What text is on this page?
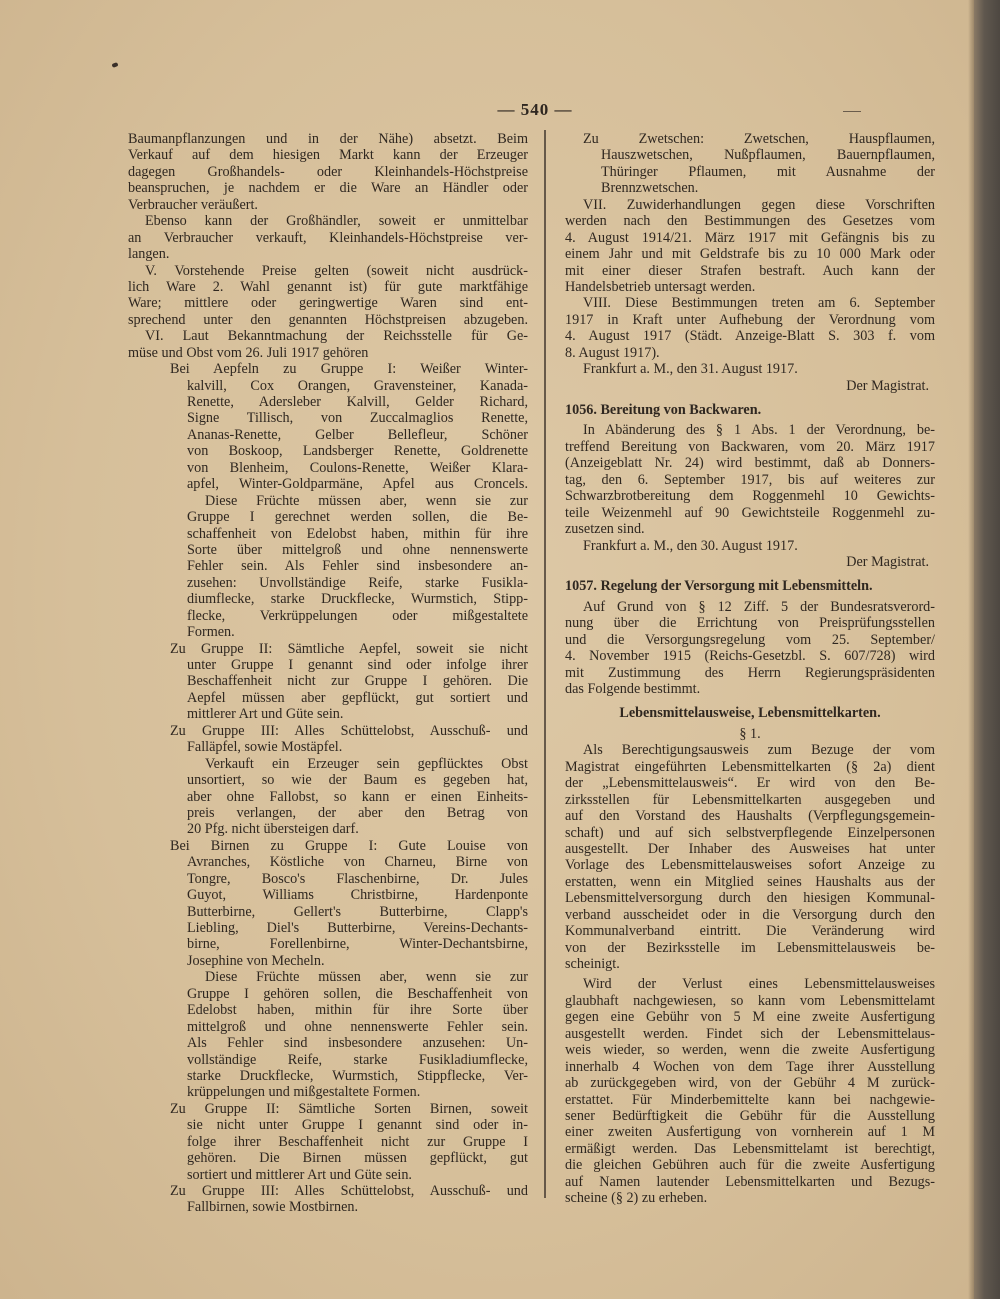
— 540 —
Baumanpflanzungen und in der Nähe) absetzt. Beim
Verkauf auf dem hiesigen Markt kann der Erzeuger
dagegen Großhandels- oder Kleinhandels-Höchstpreise
beanspruchen, je nachdem er die Ware an Händler oder
Verbraucher veräußert.
Ebenso kann der Großhändler, soweit er unmittelbar
an Verbraucher verkauft, Kleinhandels-Höchstpreise ver-
langen.
V. Vorstehende Preise gelten (soweit nicht ausdrück-
lich Ware 2. Wahl genannt ist) für gute marktfähige
Ware; mittlere oder geringwertige Waren sind ent-
sprechend unter den genannten Höchstpreisen abzugeben.
VI. Laut Bekanntmachung der Reichsstelle für Ge-
müse und Obst vom 26. Juli 1917 gehören
Bei Aepfeln zu Gruppe I: Weißer Winter-
kalvill, Cox Orangen, Gravensteiner, Kanada-
Renette, Adersleber Kalvill, Gelder Richard,
Signe Tillisch, von Zuccalmaglios Renette,
Ananas-Renette, Gelber Bellefleur, Schöner
von Boskoop, Landsberger Renette, Goldrenette
von Blenheim, Coulons-Renette, Weißer Klara-
apfel, Winter-Goldparmäne, Apfel aus Croncels.
Diese Früchte müssen aber, wenn sie zur
Gruppe I gerechnet werden sollen, die Be-
schaffenheit von Edelobst haben, mithin für ihre
Sorte über mittelgroß und ohne nennenswerte
Fehler sein. Als Fehler sind insbesondere an-
zusehen: Unvollständige Reife, starke Fusikla-
diumflecke, starke Druckflecke, Wurmstich, Stipp-
flecke, Verkrüppelungen oder mißgestaltete
Formen.
Zu Gruppe II: Sämtliche Aepfel, soweit sie nicht
unter Gruppe I genannt sind oder infolge ihrer
Beschaffenheit nicht zur Gruppe I gehören. Die
Aepfel müssen aber gepflückt, gut sortiert und
mittlerer Art und Güte sein.
Zu Gruppe III: Alles Schüttelobst, Ausschuß- und
Falläpfel, sowie Mostäpfel.
Verkauft ein Erzeuger sein gepflücktes Obst
unsortiert, so wie der Baum es gegeben hat,
aber ohne Fallobst, so kann er einen Einheits-
preis verlangen, der aber den Betrag von
20 Pfg. nicht übersteigen darf.
Bei Birnen zu Gruppe I: Gute Louise von
Avranches, Köstliche von Charneu, Birne von
Tongre, Bosco's Flaschenbirne, Dr. Jules
Guyot, Williams Christbirne, Hardenponte
Butterbirne, Gellert's Butterbirne, Clapp's
Liebling, Diel's Butterbirne, Vereins-Dechants-
birne, Forellenbirne, Winter-Dechantsbirne,
Josephine von Mecheln.
Diese Früchte müssen aber, wenn sie zur
Gruppe I gehören sollen, die Beschaffenheit von
Edelobst haben, mithin für ihre Sorte über
mittelgroß und ohne nennenswerte Fehler sein.
Als Fehler sind insbesondere anzusehen: Un-
vollständige Reife, starke Fusikladiumflecke,
starke Druckflecke, Wurmstich, Stippflecke, Ver-
krüppelungen und mißgestaltete Formen.
Zu Gruppe II: Sämtliche Sorten Birnen, soweit
sie nicht unter Gruppe I genannt sind oder in-
folge ihrer Beschaffenheit nicht zur Gruppe I
gehören. Die Birnen müssen gepflückt, gut
sortiert und mittlerer Art und Güte sein.
Zu Gruppe III: Alles Schüttelobst, Ausschuß- und
Fallbirnen, sowie Mostbirnen.
Zu Zwetschen: Zwetschen, Hauspflaumen,
Hauszwetschen, Nußpflaumen, Bauernpflaumen,
Thüringer Pflaumen, mit Ausnahme der
Brennzwetschen.
VII. Zuwiderhandlungen gegen diese Vorschriften
werden nach den Bestimmungen des Gesetzes vom
4. August 1914/21. März 1917 mit Gefängnis bis zu
einem Jahr und mit Geldstrafe bis zu 10 000 Mark oder
mit einer dieser Strafen bestraft. Auch kann der
Handelsbetrieb untersagt werden.
VIII. Diese Bestimmungen treten am 6. September
1917 in Kraft unter Aufhebung der Verordnung vom
4. August 1917 (Städt. Anzeige-Blatt S. 303 f. vom
8. August 1917).
Frankfurt a. M., den 31. August 1917.
Der Magistrat.
1056. Bereitung von Backwaren.
In Abänderung des § 1 Abs. 1 der Verordnung, be-
treffend Bereitung von Backwaren, vom 20. März 1917
(Anzeigeblatt Nr. 24) wird bestimmt, daß ab Donners-
tag, den 6. September 1917, bis auf weiteres zur
Schwarzbrotbereitung dem Roggenmehl 10 Gewichts-
teile Weizenmehl auf 90 Gewichtsteile Roggenmehl zu-
zusetzen sind.
Frankfurt a. M., den 30. August 1917.
Der Magistrat.
1057. Regelung der Versorgung mit Lebensmitteln.
Auf Grund von § 12 Ziff. 5 der Bundesratsverord-
nung über die Errichtung von Preisprüfungsstellen
und die Versorgungsregelung vom 25. September/
4. November 1915 (Reichs-Gesetzbl. S. 607/728) wird
mit Zustimmung des Herrn Regierungspräsidenten
das Folgende bestimmt.
Lebensmittelausweise, Lebensmittelkarten.
§ 1.
Als Berechtigungsausweis zum Bezuge der vom
Magistrat eingeführten Lebensmittelkarten (§ 2a) dient
der „Lebensmittelausweis“. Er wird von den Be-
zirksstellen für Lebensmittelkarten ausgegeben und
auf den Vorstand des Haushalts (Verpflegungsgemein-
schaft) und auf sich selbstverpflegende Einzelpersonen
ausgestellt. Der Inhaber des Ausweises hat unter
Vorlage des Lebensmittelausweises sofort Anzeige zu
erstatten, wenn ein Mitglied seines Haushalts aus der
Lebensmittelversorgung durch den hiesigen Kommunal-
verband ausscheidet oder in die Versorgung durch den
Kommunalverband eintritt. Die Veränderung wird
von der Bezirksstelle im Lebensmittelausweis be-
scheinigt.
Wird der Verlust eines Lebensmittelausweises
glaubhaft nachgewiesen, so kann vom Lebensmittelamt
gegen eine Gebühr von 5 M eine zweite Ausfertigung
ausgestellt werden. Findet sich der Lebensmittelaus-
weis wieder, so werden, wenn die zweite Ausfertigung
innerhalb 4 Wochen von dem Tage ihrer Ausstellung
ab zurückgegeben wird, von der Gebühr 4 M zurück-
erstattet. Für Minderbemittelte kann bei nachgewie-
sener Bedürftigkeit die Gebühr für die Ausstellung
einer zweiten Ausfertigung von vornherein auf 1 M
ermäßigt werden. Das Lebensmittelamt ist berechtigt,
die gleichen Gebühren auch für die zweite Ausfertigung
auf Namen lautender Lebensmittelkarten und Bezugs-
scheine (§ 2) zu erheben.
